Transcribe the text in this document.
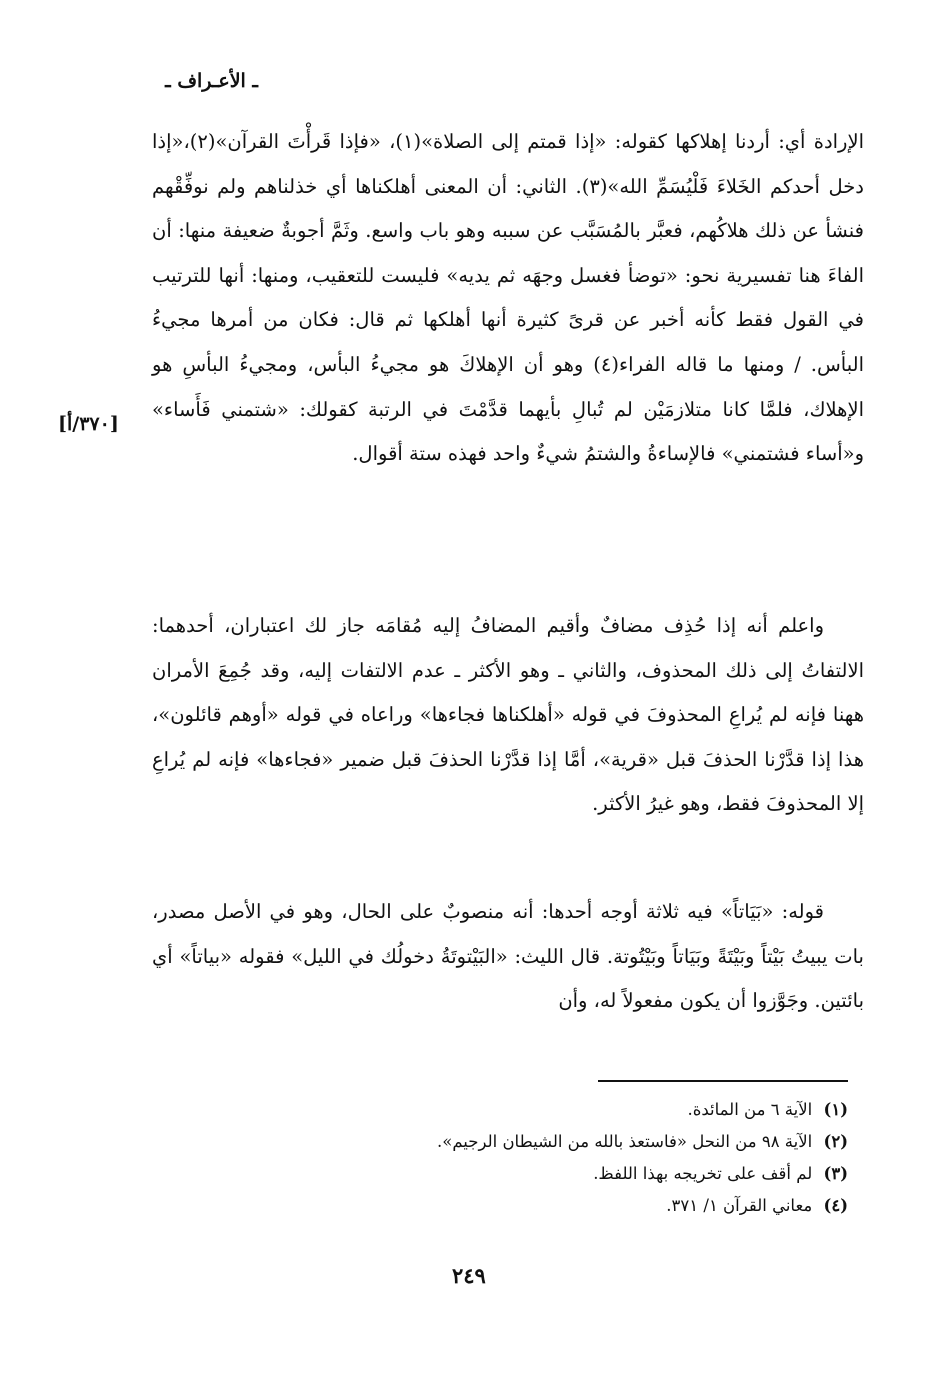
ـ الأعـراف ـ
[٣٧٠/أ]

الإرادة أي: أردنا إهلاكها كقوله: «إذا قمتم إلى الصلاة»(١)، «فإذا قَرأْتَ القرآن»(٢)،«إذا دخل أحدكم الخَلاءَ فَلْيُسَمِّ الله»(٣). الثاني: أن المعنى أهلكناها أي خذلناهم ولم نوفِّقْهم فنشأ عن ذلك هلاكُهم، فعبَّر بالمُسَبَّب عن سببه وهو باب واسع. وثَمَّ أجوبةٌ ضعيفة منها: أن الفاءَ هنا تفسيرية نحو: «توضأ فغسل وجهَه ثم يديه» فليست للتعقيب، ومنها: أنها للترتيب في القول فقط كأنه أخبر عن قرىً كثيرة أنها أهلكها ثم قال: فكان من أمرها مجيءُ البأس. / ومنها ما قاله الفراء(٤) وهو أن الإهلاكَ هو مجيءُ البأس، ومجيءُ البأسِ هو الإهلاك، فلمَّا كانا متلازمَيْن لم تُبالِ بأيهما قدَّمْتَ في الرتبة كقولك: «شتمني فَأَساء» و«أساء فشتمني» فالإساءةُ والشتمُ شيءٌ واحد فهذه ستة أقوال.

واعلم أنه إذا حُذِف مضافٌ وأقيم المضافُ إليه مُقامَه جاز لك اعتباران، أحدهما: الالتفاتُ إلى ذلك المحذوف، والثاني ـ وهو الأكثر ـ عدم الالتفات إليه، وقد جُمِعَ الأمران ههنا فإنه لم يُراعِ المحذوفَ في قوله «أهلكناها فجاءها» وراعاه في قوله «أوهم قائلون»، هذا إذا قدَّرْنا الحذفَ قبل «قرية»، أمَّا إذا قدَّرْنا الحذفَ قبل ضمير «فجاءها» فإنه لم يُراعِ إلا المحذوفَ فقط، وهو غيرُ الأكثر.

قوله: «بَيَاتاً» فيه ثلاثة أوجه أحدها: أنه منصوبٌ على الحال، وهو في الأصل مصدر، بات يبيتُ بَيْتاً وبَيْتَةً وبَيَاتاً وبَيْتُوتة. قال الليث: «البَيْتوتَةُ دخولُك في الليل» فقوله «بياتاً» أي بائتين. وجَوَّزوا أن يكون مفعولاً له، وأن

(١) الآية ٦ من المائدة.
(٢) الآية ٩٨ من النحل «فاستعذ بالله من الشيطان الرجيم».
(٣) لم أقف على تخريجه بهذا اللفظ.
(٤) معاني القرآن ١/ ٣٧١.
٢٤٩
